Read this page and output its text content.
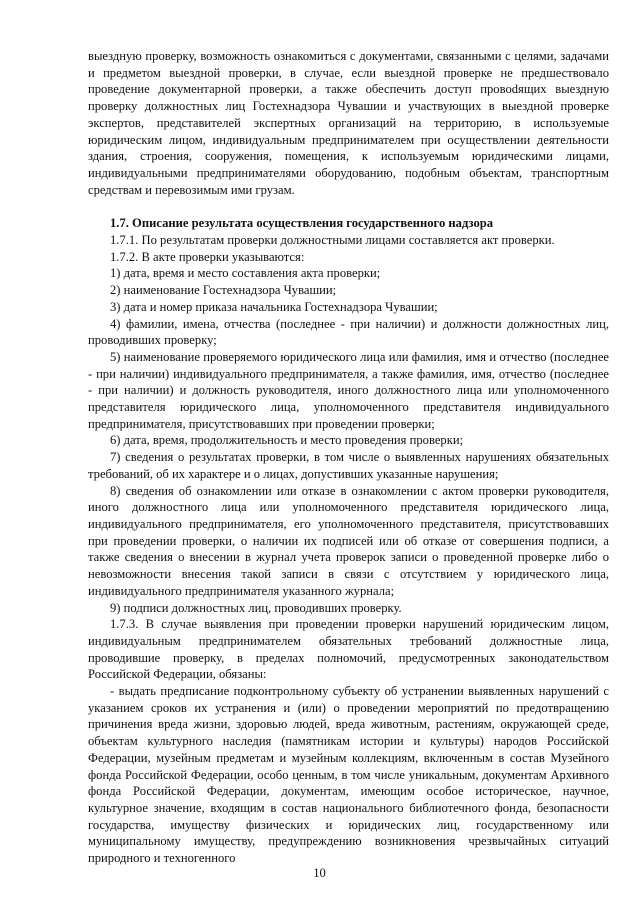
выездную проверку, возможность ознакомиться с документами, связанными с целями, задачами и предметом выездной проверки, в случае, если выездной проверке не предшествовало проведение документарной проверки, а также обеспечить доступ провоdящих выездную проверку должностных лиц Гостехнадзора Чувашии и участвующих в выездной проверке экспертов, представителей экспертных организаций на территорию, в используемые юридическим лицом, индивидуальным предпринимателем при осуществлении деятельности здания, строения, сооружения, помещения, к используемым юридическими лицами, индивидуальными предпринимателями оборудованию, подобным объектам, транспортным средствам и перевозимым ими грузам.

1.7. Описание результата осуществления государственного надзора

1.7.1. По результатам проверки должностными лицами составляется акт проверки.

1.7.2. В акте проверки указываются:

1) дата, время и место составления акта проверки;

2) наименование Гостехнадзора Чувашии;

3) дата и номер приказа начальника Гостехнадзора Чувашии;

4) фамилии, имена, отчества (последнее - при наличии) и должности должностных лиц, проводивших проверку;

5) наименование проверяемого юридического лица или фамилия, имя и отчество (последнее - при наличии) индивидуального предпринимателя, а также фамилия, имя, отчество (последнее - при наличии) и должность руководителя, иного должностного лица или уполномоченного представителя юридического лица, уполномоченного представителя индивидуального предпринимателя, присутствовавших при проведении проверки;

6) дата, время, продолжительность и место проведения проверки;

7) сведения о результатах проверки, в том числе о выявленных нарушениях обязательных требований, об их характере и о лицах, допустивших указанные нарушения;

8) сведения об ознакомлении или отказе в ознакомлении с актом проверки руководителя, иного должностного лица или уполномоченного представителя юридического лица, индивидуального предпринимателя, его уполномоченного представителя, присутствовавших при проведении проверки, о наличии их подписей или об отказе от совершения подписи, а также сведения о внесении в журнал учета проверок записи о проведенной проверке либо о невозможности внесения такой записи в связи с отсутствием у юридического лица, индивидуального предпринимателя указанного журнала;

9) подписи должностных лиц, проводивших проверку.

1.7.3. В случае выявления при проведении проверки нарушений юридическим лицом, индивидуальным предпринимателем обязательных требований должностные лица, проводившие проверку, в пределах полномочий, предусмотренных законодательством Российской Федерации, обязаны:

- выдать предписание подконтрольному субъекту об устранении выявленных нарушений с указанием сроков их устранения и (или) о проведении мероприятий по предотвращению причинения вреда жизни, здоровью людей, вреда животным, растениям, окружающей среде, объектам культурного наследия (памятникам истории и культуры) народов Российской Федерации, музейным предметам и музейным коллекциям, включенным в состав Музейного фонда Российской Федерации, особо ценным, в том числе уникальным, документам Архивного фонда Российской Федерации, документам, имеющим особое историческое, научное, культурное значение, входящим в состав национального библиотечного фонда, безопасности государства, имуществу физических и юридических лиц, государственному или муниципальному имуществу, предупреждению возникновения чрезвычайных ситуаций природного и техногенного

10
